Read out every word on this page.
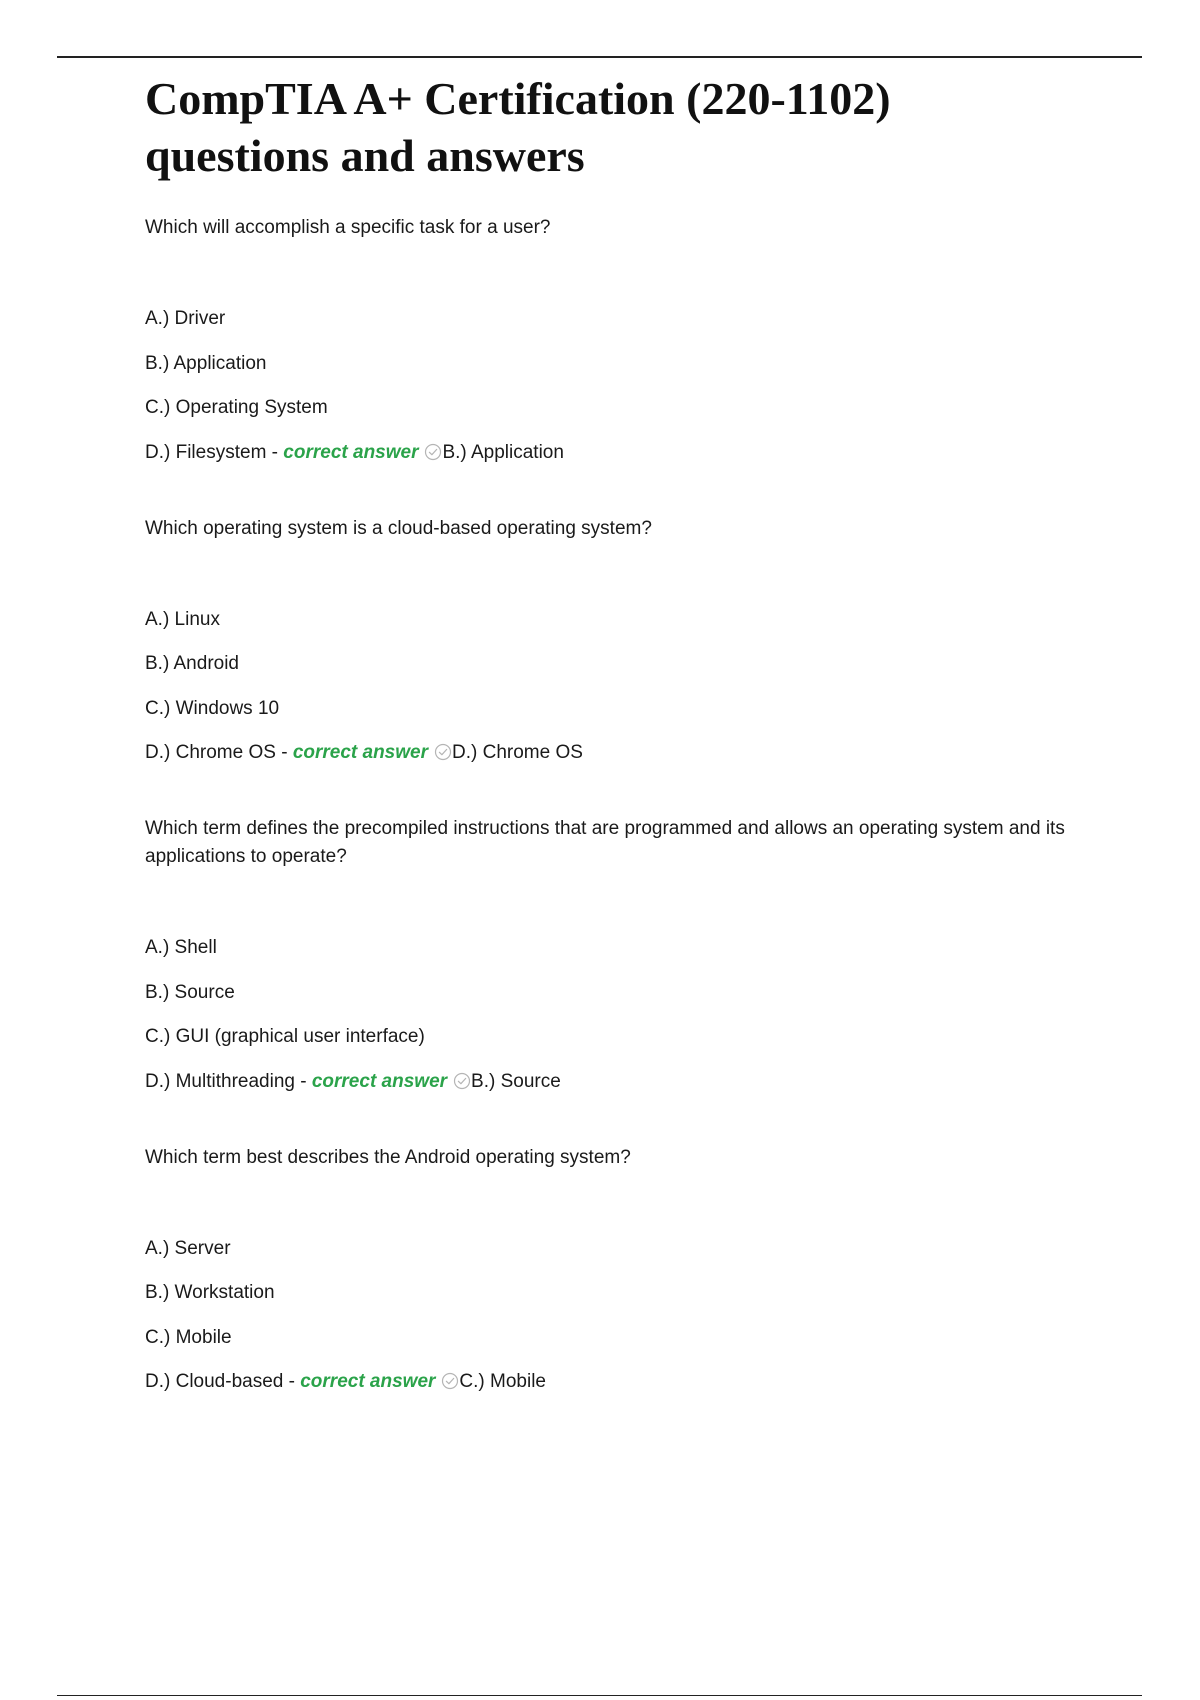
CompTIA A+ Certification (220-1102) questions and answers

Which will accomplish a specific task for a user?

A.) Driver

B.) Application

C.) Operating System

D.) Filesystem - correct answer B.) Application

Which operating system is a cloud-based operating system?

A.) Linux

B.) Android

C.) Windows 10

D.) Chrome OS - correct answer D.) Chrome OS

Which term defines the precompiled instructions that are programmed and allows an operating system and its applications to operate?

A.) Shell

B.) Source

C.) GUI (graphical user interface)

D.) Multithreading - correct answer B.) Source

Which term best describes the Android operating system?

A.) Server

B.) Workstation

C.) Mobile

D.) Cloud-based - correct answer C.) Mobile
